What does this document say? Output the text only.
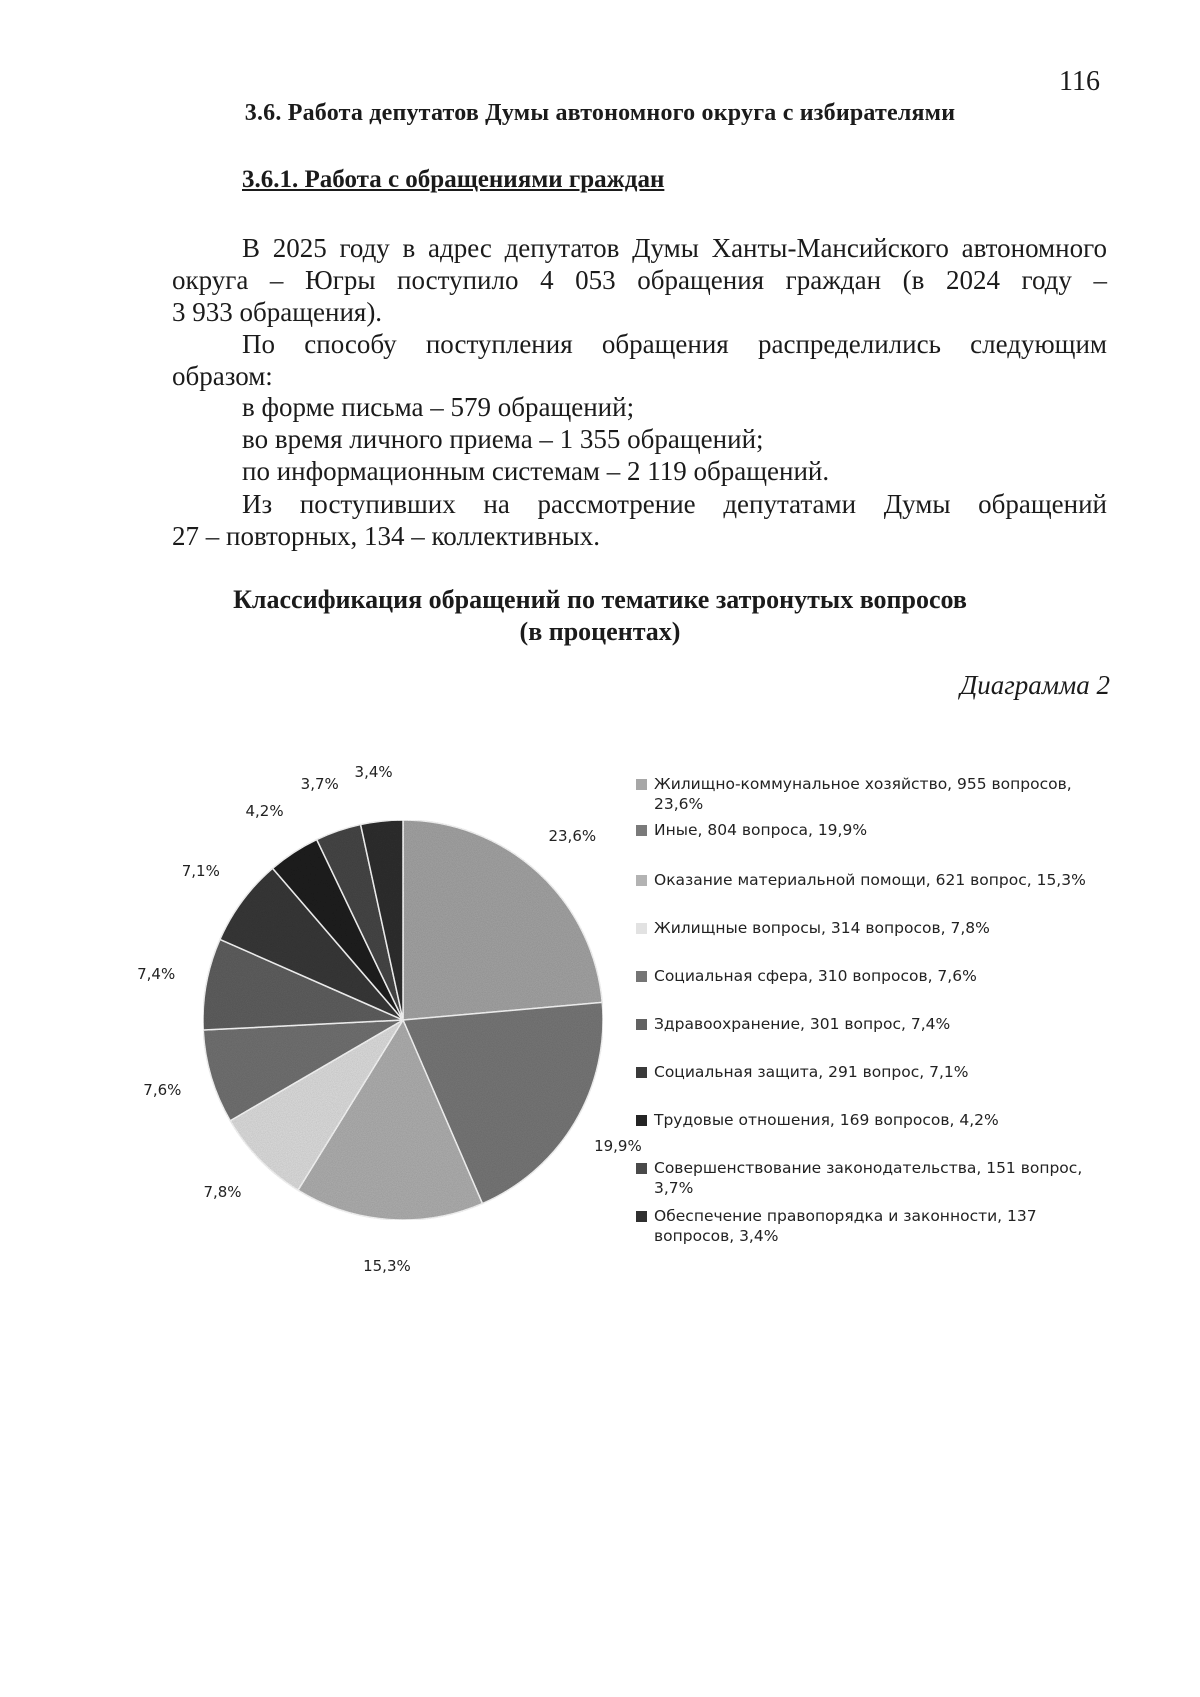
116
3.6. Работа депутатов Думы автономного округа с избирателями
3.6.1. Работа с обращениями граждан
В 2025 году в адрес депутатов Думы Ханты-Мансийского автономного
округа – Югры поступило 4 053 обращения граждан (в 2024 году –
3 933 обращения).
По способу поступления обращения распределились следующим
образом:
в форме письма – 579 обращений;
во время личного приема – 1 355 обращений;
по информационным системам – 2 119 обращений.
Из поступивших на рассмотрение депутатами Думы обращений
27 – повторных, 134 – коллективных.
Классификация обращений по тематике затронутых вопросов
(в процентах)
Диаграмма 2
23,6%
19,9%
15,3%
7,8%
7,6%
7,4%
7,1%
4,2%
3,7%
3,4%
Жилищно-коммунальное хозяйство, 955 вопросов,
23,6%
Иные, 804 вопроса, 19,9%
Оказание материальной помощи, 621 вопрос, 15,3%
Жилищные вопросы, 314 вопросов, 7,8%
Социальная сфера, 310 вопросов, 7,6%
Здравоохранение, 301 вопрос, 7,4%
Социальная защита, 291 вопрос, 7,1%
Трудовые отношения, 169 вопросов, 4,2%
Совершенствование законодательства, 151 вопрос,
3,7%
Обеспечение правопорядка и законности, 137
вопросов, 3,4%
